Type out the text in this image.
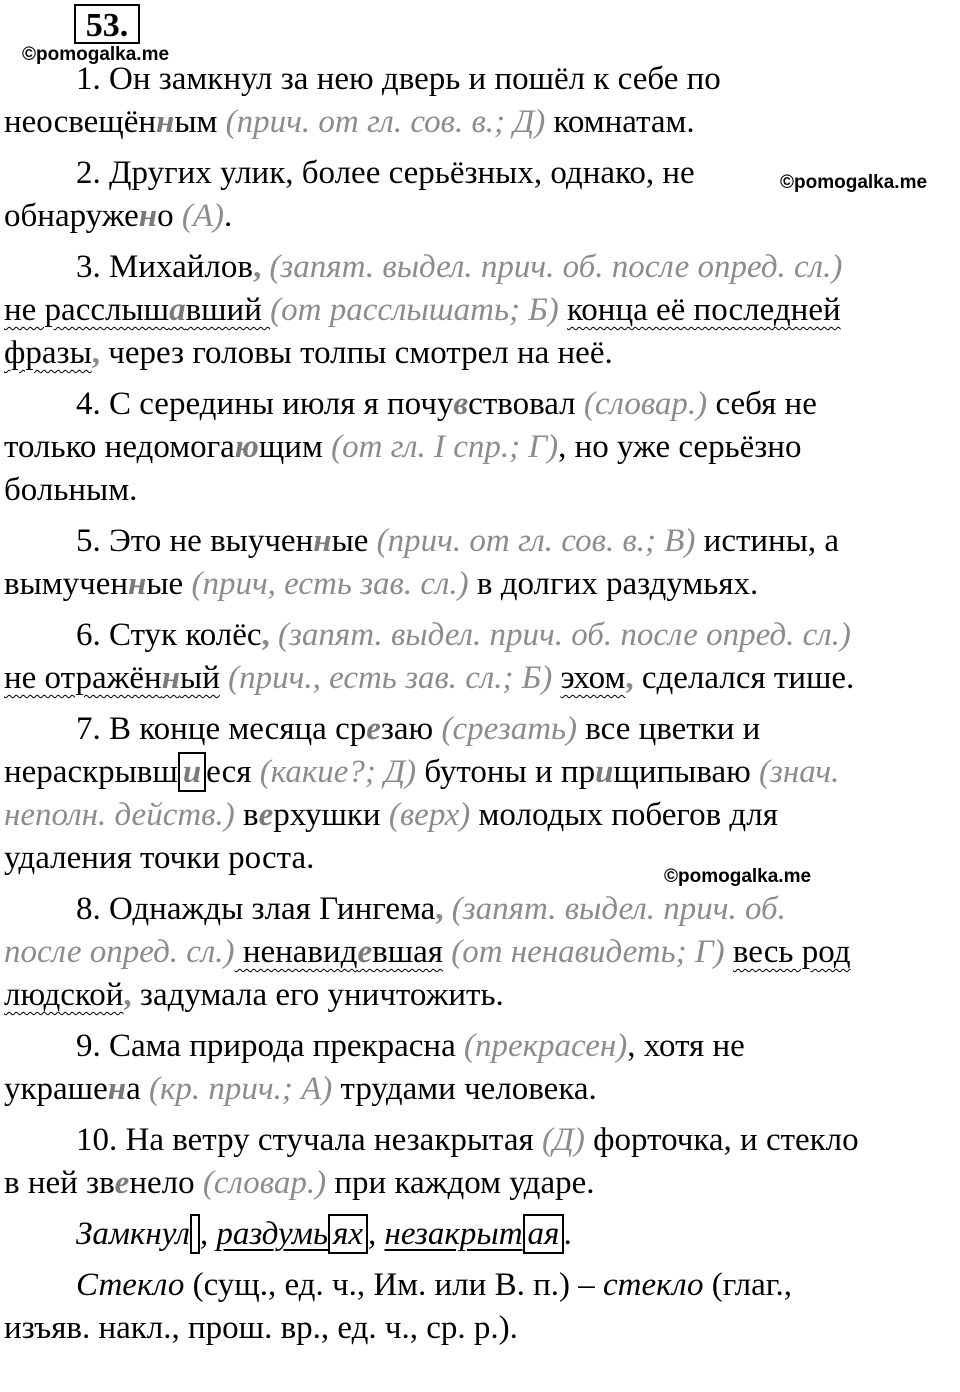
53.
©pomogalka.me
©pomogalka.me
©pomogalka.me
1. Он замкнул за нею дверь и пошёл к себе по
неосвещённым (прич. от гл. сов. в.; Д) комнатам.
2. Других улик, более серьёзных, однако, не
обнаружено (А).
3. Михайлов, (запят. выдел. прич. об. после опред. сл.)
не расслышавший (от расслышать; Б) конца её последней
фразы, через головы толпы смотрел на неё.
4. С середины июля я почувствовал (словар.) себя не
только недомогающим (от гл. I спр.; Г), но уже серьёзно
больным.
5. Это не выученные (прич. от гл. сов. в.; В) истины, а
вымученные (прич, есть зав. сл.) в долгих раздумьях.
6. Стук колёс, (запят. выдел. прич. об. после опред. сл.)
не отражённый (прич., есть зав. сл.; Б) эхом, сделался тише.
7. В конце месяца срезаю (срезать) все цветки и
нераскрывш и еся (какие?; Д) бутоны и прищипываю (знач.
неполн. действ.) верхушки (верх) молодых побегов для
удаления точки роста.
8. Однажды злая Гингема, (запят. выдел. прич. об.
после опред. сл.) ненавидевшая (от ненавидеть; Г) весь род
людской, задумала его уничтожить.
9. Сама природа прекрасна (прекрасен), хотя не
украшена (кр. прич.; А) трудами человека.
10. На ветру стучала незакрытая (Д) форточка, и стекло
в ней звенело (словар.) при каждом ударе.
Замкнул , раздумь ях , незакрыт ая .
Стекло (сущ., ед. ч., Им. или В. п.) – стекло (глаг.,
изъяв. накл., прош. вр., ед. ч., ср. р.).
